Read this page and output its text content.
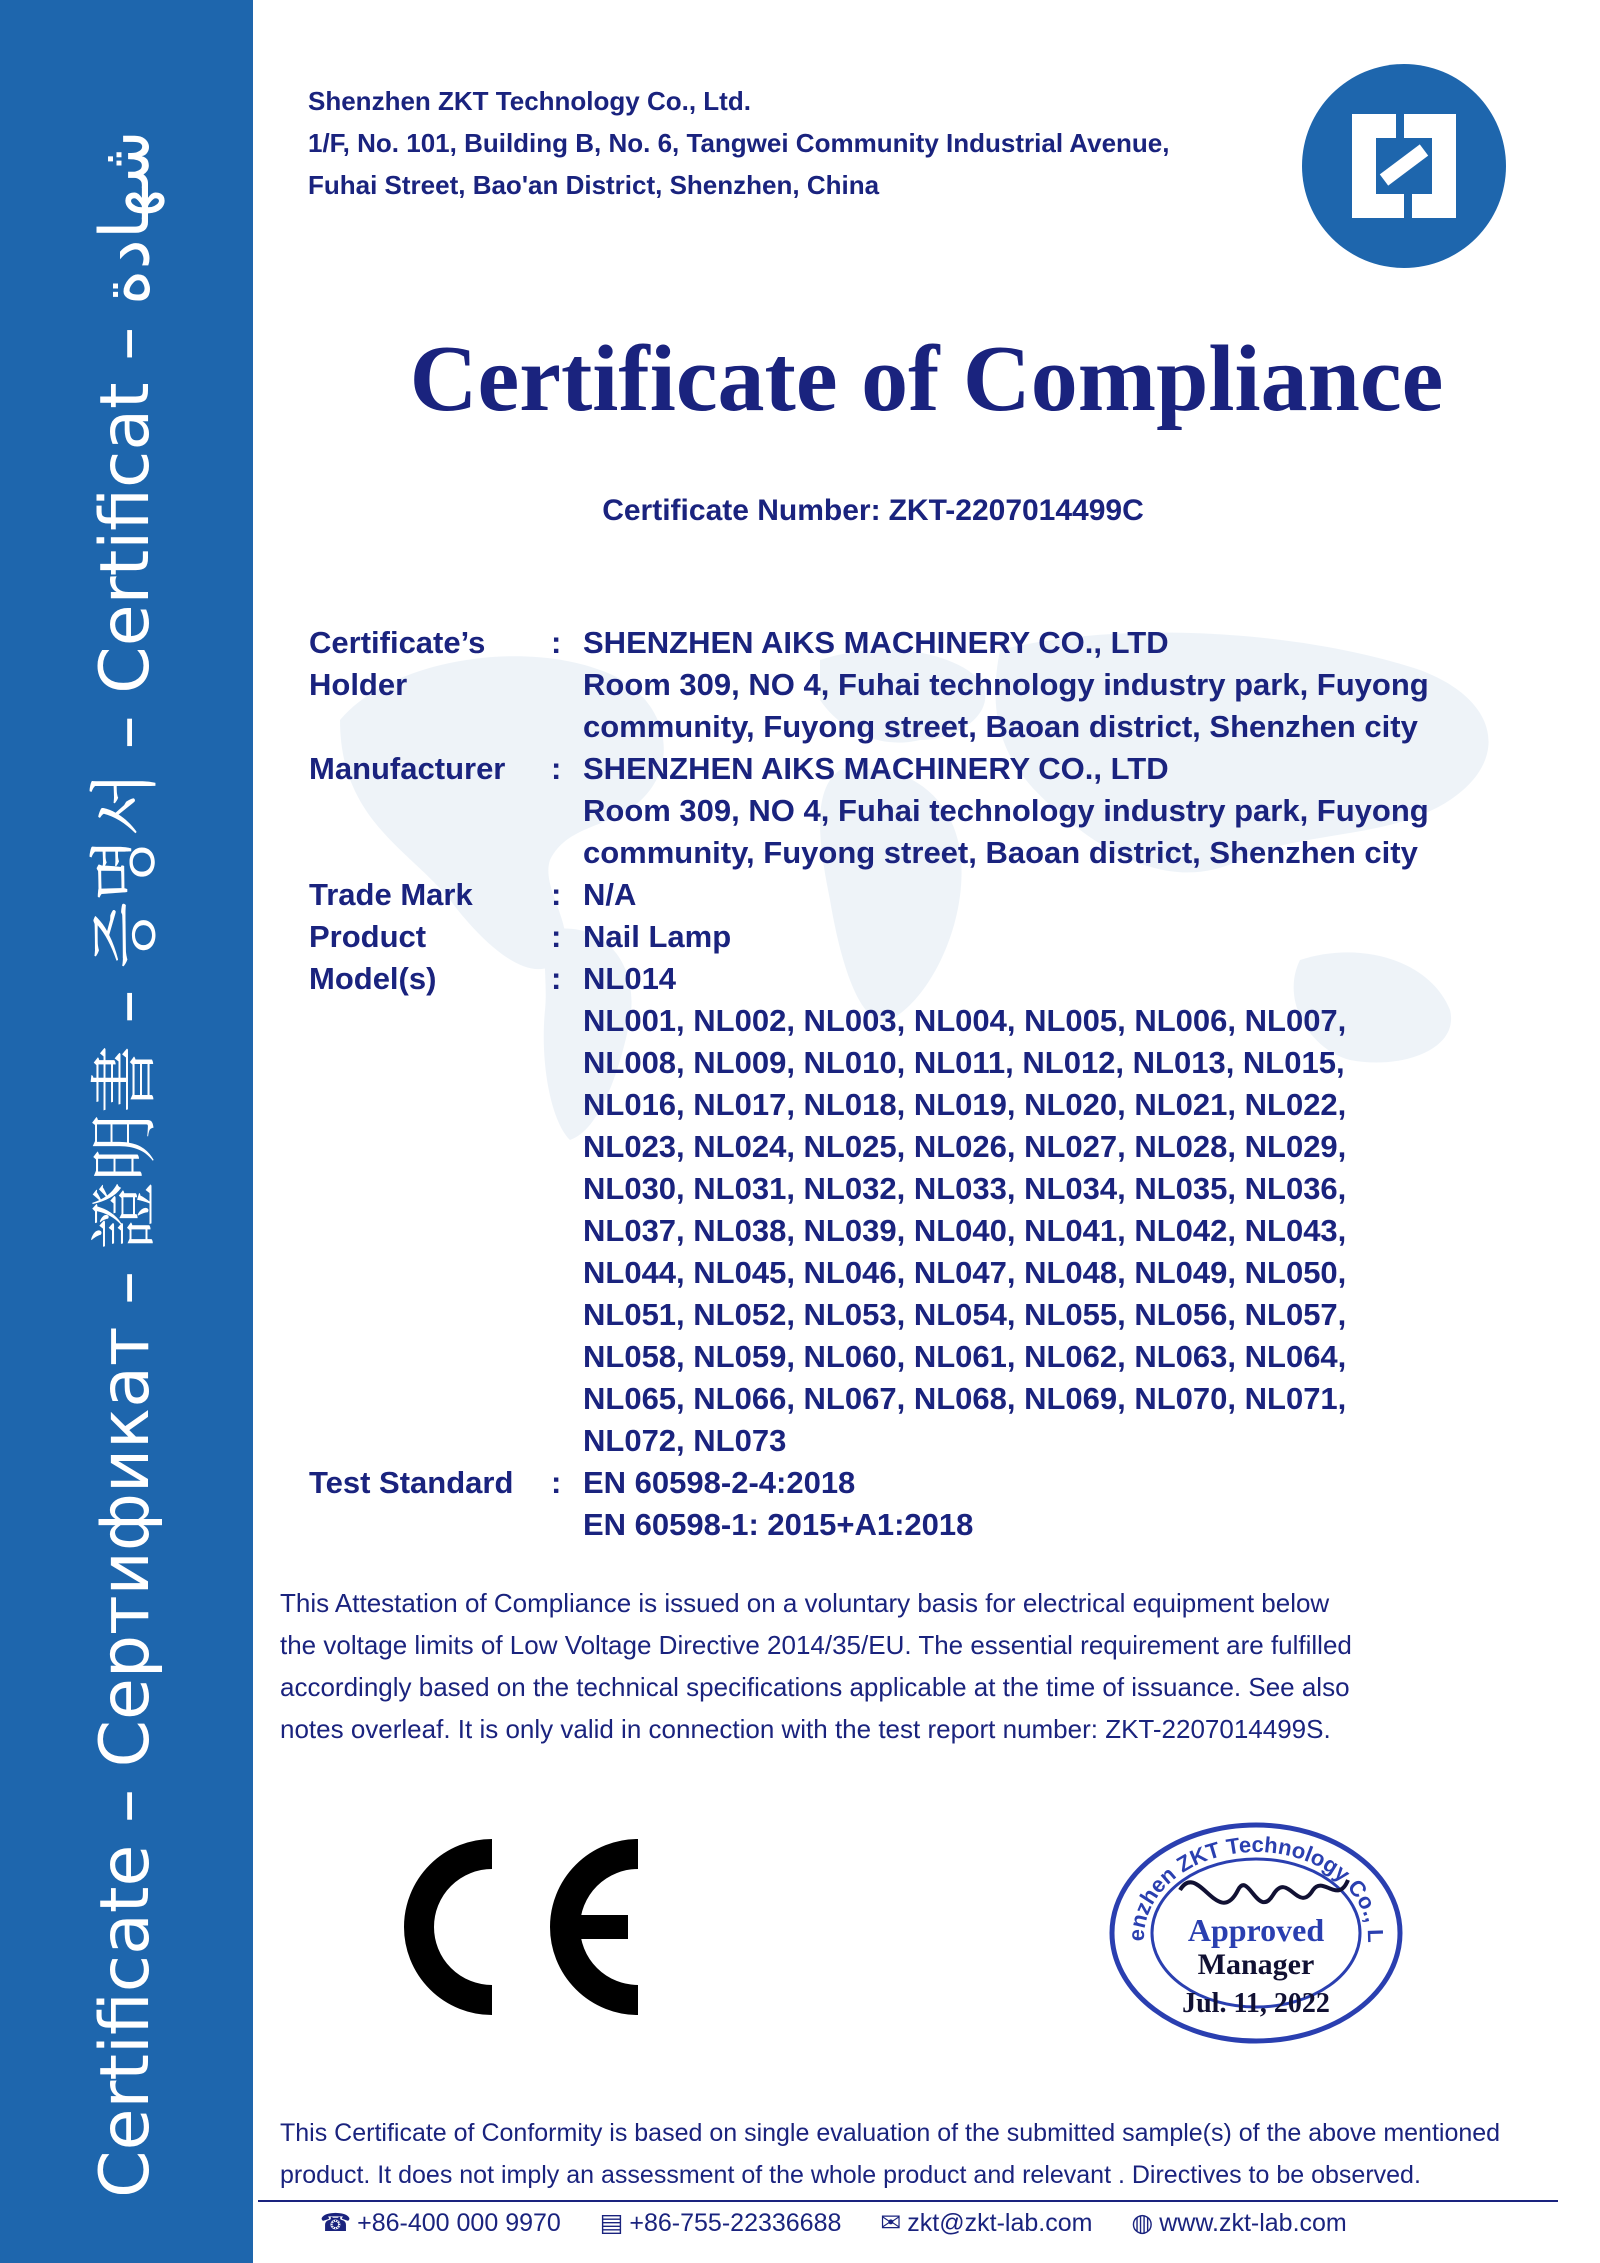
Certificate – Сертификат – 證明書 – 증명서 – Certificat – شهادة
Shenzhen ZKT Technology Co., Ltd.
1/F, No. 101, Building B, No. 6, Tangwei Community Industrial Avenue,
Fuhai Street, Bao'an District, Shenzhen, China
Certificate of Compliance
Certificate Number: ZKT-2207014499C
Certificate’s
Holder
: SHENZHEN AIKS MACHINERY CO., LTD
Room 309, NO 4, Fuhai technology industry park, Fuyong
community, Fuyong street, Baoan district, Shenzhen city
Manufacturer	: SHENZHEN AIKS MACHINERY CO., LTD
Room 309, NO 4, Fuhai technology industry park, Fuyong
community, Fuyong street, Baoan district, Shenzhen city
Trade Mark	: N/A
Product	: Nail Lamp
Model(s)	: NL014
NL001, NL002, NL003, NL004, NL005, NL006, NL007,
NL008, NL009, NL010, NL011, NL012, NL013, NL015,
NL016, NL017, NL018, NL019, NL020, NL021, NL022,
NL023, NL024, NL025, NL026, NL027, NL028, NL029,
NL030, NL031, NL032, NL033, NL034, NL035, NL036,
NL037, NL038, NL039, NL040, NL041, NL042, NL043,
NL044, NL045, NL046, NL047, NL048, NL049, NL050,
NL051, NL052, NL053, NL054, NL055, NL056, NL057,
NL058, NL059, NL060, NL061, NL062, NL063, NL064,
NL065, NL066, NL067, NL068, NL069, NL070, NL071,
NL072, NL073
Test Standard	: EN 60598-2-4:2018
EN 60598-1: 2015+A1:2018
This Attestation of Compliance is issued on a voluntary basis for electrical equipment below
the voltage limits of Low Voltage Directive 2014/35/EU. The essential requirement are fulfilled
accordingly based on the technical specifications applicable at the time of issuance. See also
notes overleaf. It is only valid in connection with the test report number: ZKT-2207014499S.
enzhen ZKT Technology Co., L
Approved
Manager
Jul. 11, 2022
This Certificate of Conformity is based on single evaluation of the submitted sample(s) of the above mentioned
product. It does not imply an assessment of the whole product and relevant . Directives to be observed.
☎ +86-400 000 9970 ▤ +86-755-22336688 ✉ zkt@zkt-lab.com ◍ www.zkt-lab.com
